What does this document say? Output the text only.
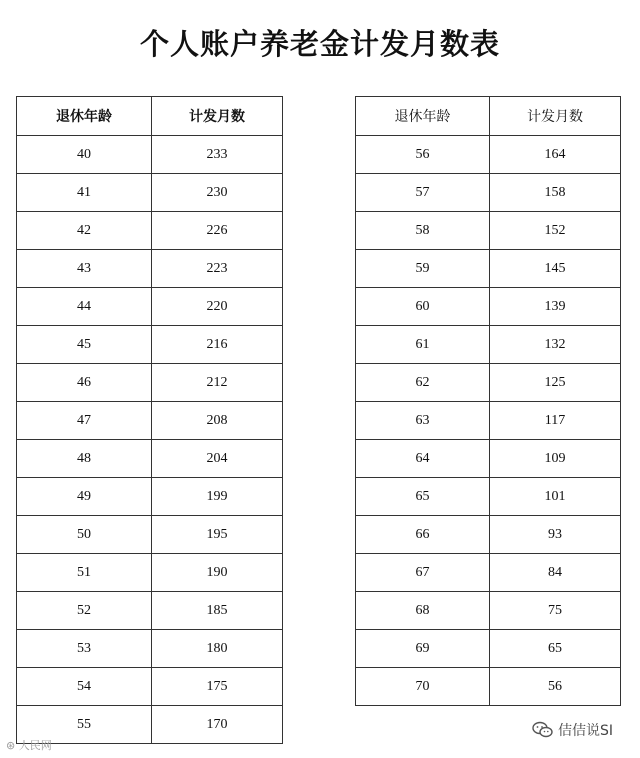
个人账户养老金计发月数表
退休年龄	计发月数
40	233
41	230
42	226
43	223
44	220
45	216
46	212
47	208
48	204
49	199
50	195
51	190
52	185
53	180
54	175
55	170
退休年龄	计发月数
56	164
57	158
58	152
59	145
60	139
61	132
62	125
63	117
64	109
65	101
66	93
67	84
68	75
69	65
70	56
⊛ 人民网
佶佶说SI
